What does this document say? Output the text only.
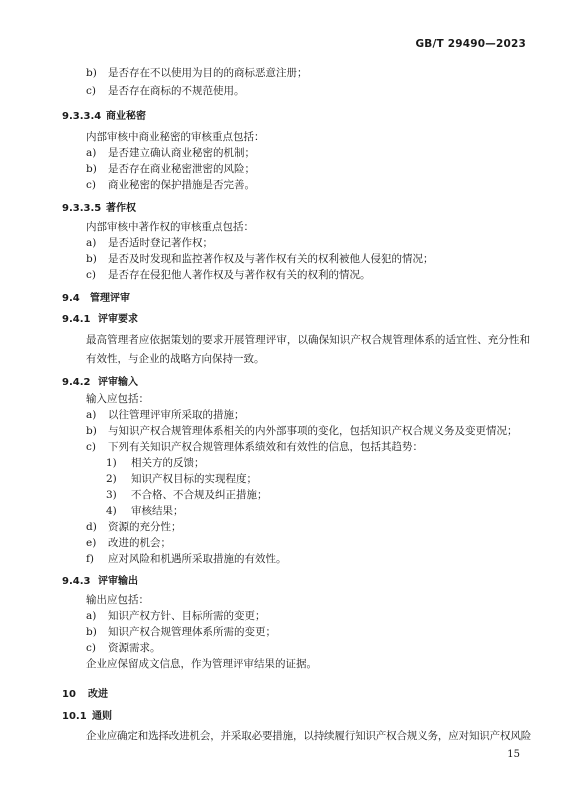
GB/T 29490—2023
b) 是否存在不以使用为目的的商标恶意注册；
c) 是否存在商标的不规范使用。
9.3.3.4 商业秘密
内部审核中商业秘密的审核重点包括：
a) 是否建立确认商业秘密的机制；
b) 是否存在商业秘密泄密的风险；
c) 商业秘密的保护措施是否完善。
9.3.3.5 著作权
内部审核中著作权的审核重点包括：
a) 是否适时登记著作权；
b) 是否及时发现和监控著作权及与著作权有关的权利被他人侵犯的情况；
c) 是否存在侵犯他人著作权及与著作权有关的权利的情况。
9.4 管理评审
9.4.1 评审要求
最高管理者应依据策划的要求开展管理评审，以确保知识产权合规管理体系的适宜性、充分性和有效性，与企业的战略方向保持一致。
9.4.2 评审输入
输入应包括：
a) 以往管理评审所采取的措施；
b) 与知识产权合规管理体系相关的内外部事项的变化，包括知识产权合规义务及变更情况；
c) 下列有关知识产权合规管理体系绩效和有效性的信息，包括其趋势：
1) 相关方的反馈；
2) 知识产权目标的实现程度；
3) 不合格、不合规及纠正措施；
4) 审核结果；
d) 资源的充分性；
e) 改进的机会；
f) 应对风险和机遇所采取措施的有效性。
9.4.3 评审输出
输出应包括：
a) 知识产权方针、目标所需的变更；
b) 知识产权合规管理体系所需的变更；
c) 资源需求。
企业应保留成文信息，作为管理评审结果的证据。
10 改进
10.1 通则
企业应确定和选择改进机会，并采取必要措施，以持续履行知识产权合规义务，应对知识产权风险
15
